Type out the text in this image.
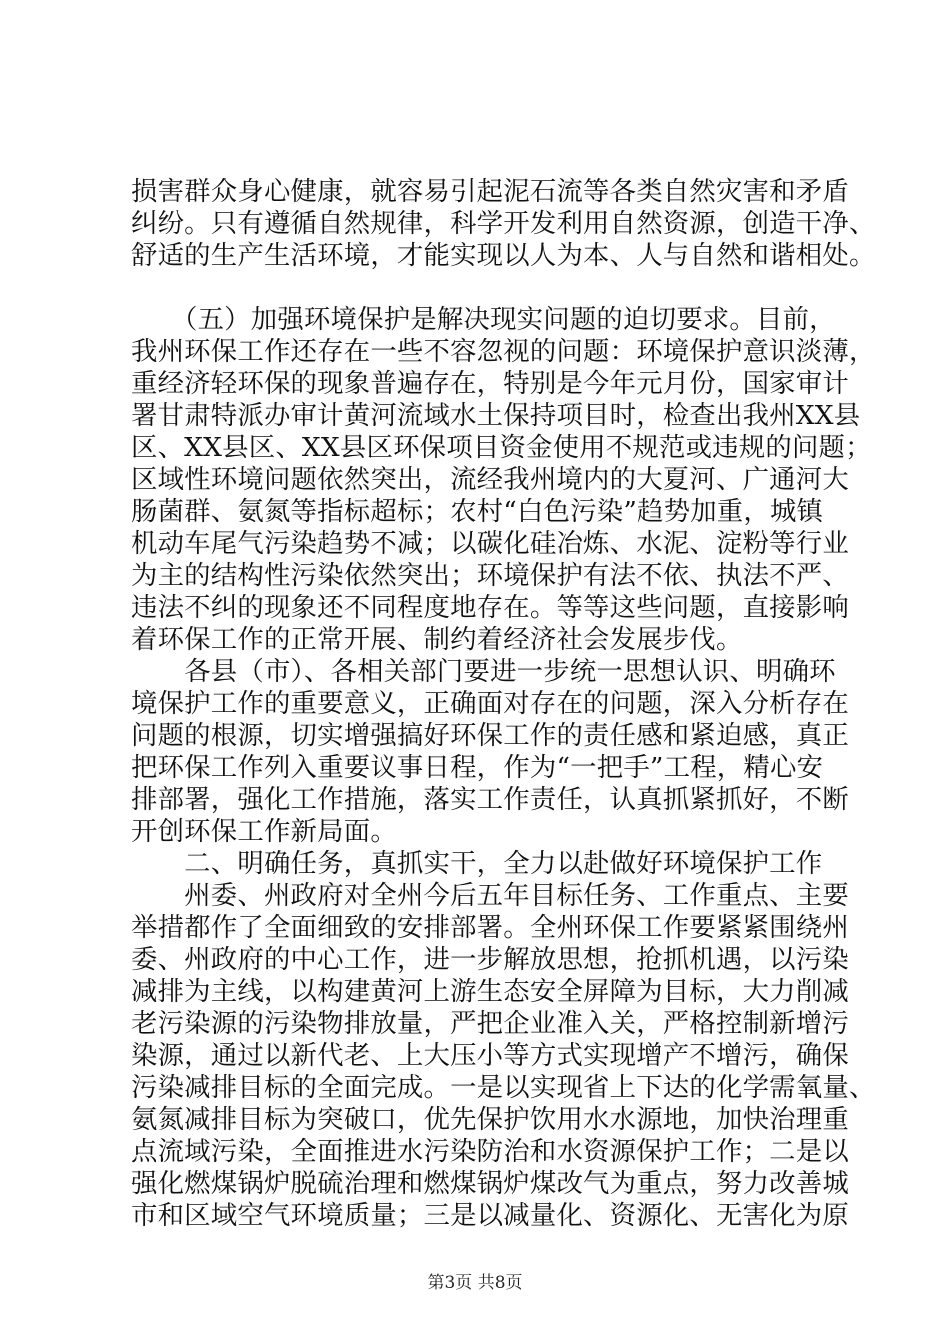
损害群众身心健康，就容易引起泥石流等各类自然灾害和矛盾
纠纷。只有遵循自然规律，科学开发利用自然资源，创造干净、
舒适的生产生活环境，才能实现以人为本、人与自然和谐相处。
　　（五）加强环境保护是解决现实问题的迫切要求。目前，
我州环保工作还存在一些不容忽视的问题：环境保护意识淡薄，
重经济轻环保的现象普遍存在，特别是今年元月份，国家审计
署甘肃特派办审计黄河流域水土保持项目时，检查出我州XX县
区、XX县区、XX县区环保项目资金使用不规范或违规的问题；
区域性环境问题依然突出，流经我州境内的大夏河、广通河大
肠菌群、氨氮等指标超标；农村“白色污染”趋势加重，城镇
机动车尾气污染趋势不减；以碳化硅冶炼、水泥、淀粉等行业
为主的结构性污染依然突出；环境保护有法不依、执法不严、
违法不纠的现象还不同程度地存在。等等这些问题，直接影响
着环保工作的正常开展、制约着经济社会发展步伐。
　　各县（市）、各相关部门要进一步统一思想认识、明确环
境保护工作的重要意义，正确面对存在的问题，深入分析存在
问题的根源，切实增强搞好环保工作的责任感和紧迫感，真正
把环保工作列入重要议事日程，作为“一把手”工程，精心安
排部署，强化工作措施，落实工作责任，认真抓紧抓好，不断
开创环保工作新局面。
　　二、明确任务，真抓实干，全力以赴做好环境保护工作
　　州委、州政府对全州今后五年目标任务、工作重点、主要
举措都作了全面细致的安排部署。全州环保工作要紧紧围绕州
委、州政府的中心工作，进一步解放思想，抢抓机遇，以污染
减排为主线，以构建黄河上游生态安全屏障为目标，大力削减
老污染源的污染物排放量，严把企业准入关，严格控制新增污
染源，通过以新代老、上大压小等方式实现增产不增污，确保
污染减排目标的全面完成。一是以实现省上下达的化学需氧量、
氨氮减排目标为突破口，优先保护饮用水水源地，加快治理重
点流域污染，全面推进水污染防治和水资源保护工作；二是以
强化燃煤锅炉脱硫治理和燃煤锅炉煤改气为重点，努力改善城
市和区域空气环境质量；三是以减量化、资源化、无害化为原
第3页 共8页
